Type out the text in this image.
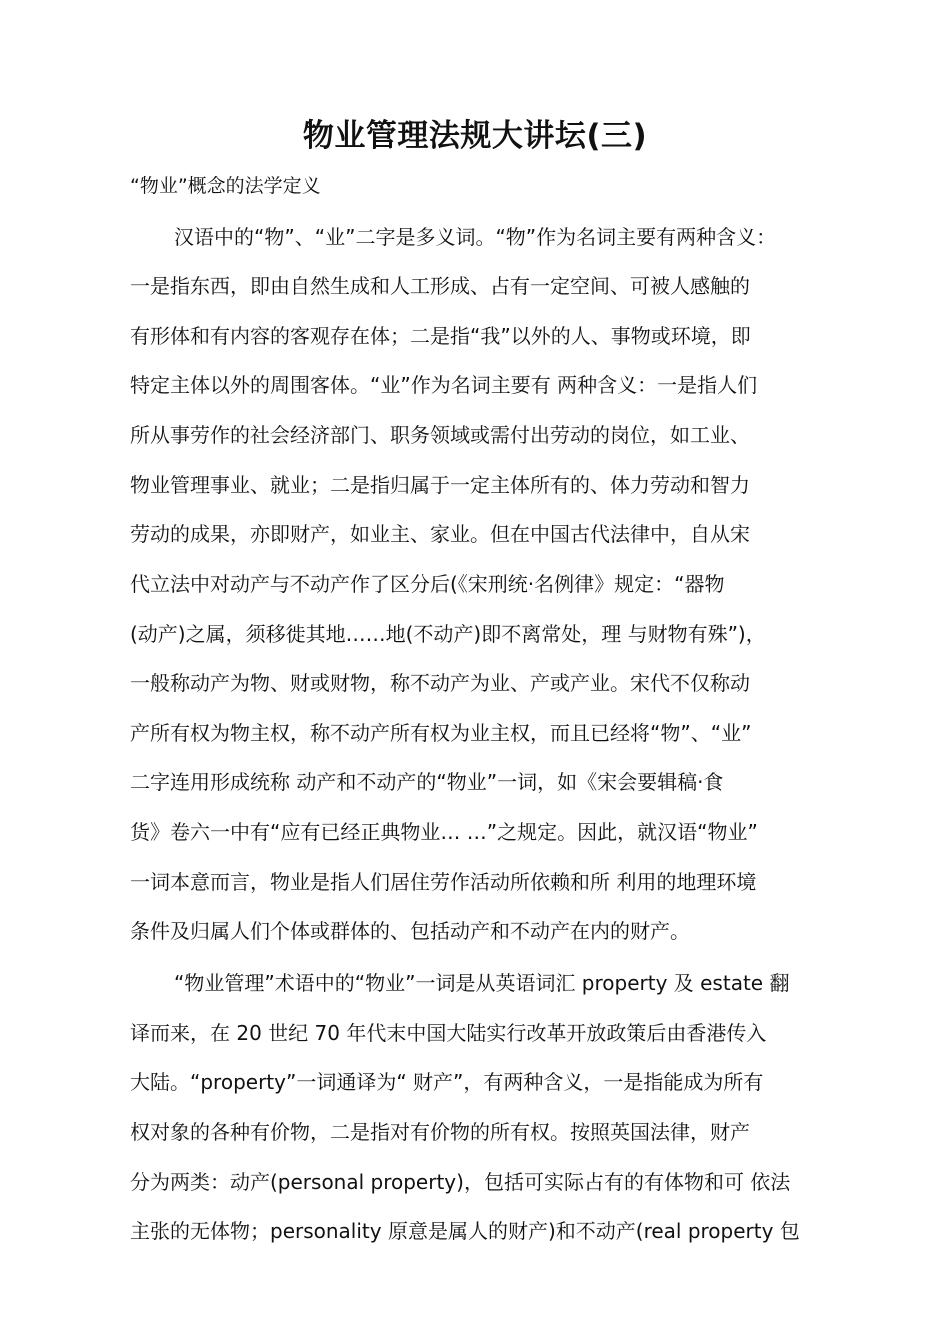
物业管理法规大讲坛(三)
“物业”概念的法学定义
汉语中的“物”、“业”二字是多义词。“物”作为名词主要有两种含义：
一是指东西，即由自然生成和人工形成、占有一定空间、可被人感触的
有形体和有内容的客观存在体；二是指“我”以外的人、事物或环境，即
特定主体以外的周围客体。“业”作为名词主要有 两种含义：一是指人们
所从事劳作的社会经济部门、职务领域或需付出劳动的岗位，如工业、
物业管理事业、就业；二是指归属于一定主体所有的、体力劳动和智力
劳动的成果，亦即财产，如业主、家业。但在中国古代法律中，自从宋
代立法中对动产与不动产作了区分后(《宋刑统·名例律》规定：“器物
(动产)之属，须移徙其地……地(不动产)即不离常处，理 与财物有殊”)，
一般称动产为物、财或财物，称不动产为业、产或产业。宋代不仅称动
产所有权为物主权，称不动产所有权为业主权，而且已经将“物”、“业”
二字连用形成统称 动产和不动产的“物业”一词，如《宋会要辑稿·食
货》卷六一中有“应有已经正典物业… …”之规定。因此，就汉语“物业”
一词本意而言，物业是指人们居住劳作活动所依赖和所 利用的地理环境
条件及归属人们个体或群体的、包括动产和不动产在内的财产。
“物业管理”术语中的“物业”一词是从英语词汇 property 及 estate 翻
译而来，在 20 世纪 70 年代末中国大陆实行改革开放政策后由香港传入
大陆。“property”一词通译为“ 财产”，有两种含义，一是指能成为所有
权对象的各种有价物，二是指对有价物的所有权。按照英国法律，财产
分为两类：动产(personal property)，包括可实际占有的有体物和可 依法
主张的无体物；personality 原意是属人的财产)和不动产(real property 包
